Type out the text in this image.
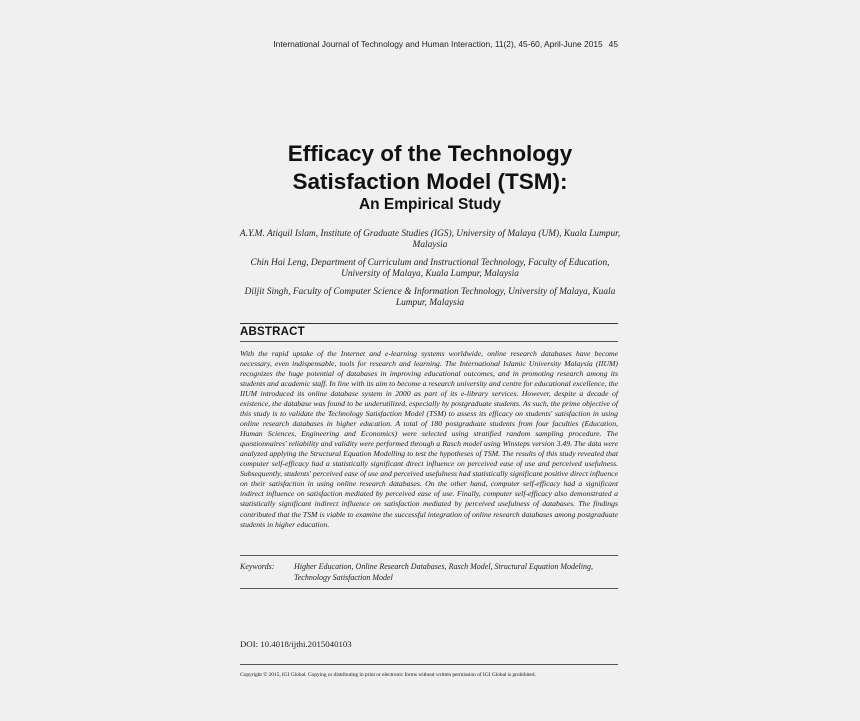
International Journal of Technology and Human Interaction, 11(2), 45-60, April-June 2015 45
Efficacy of the Technology
Satisfaction Model (TSM):
An Empirical Study

A.Y.M. Atiquil Islam, Institute of Graduate Studies (IGS), University of Malaya (UM), Kuala Lumpur, Malaysia

Chin Hai Leng, Department of Curriculum and Instructional Technology, Faculty of Education, University of Malaya, Kuala Lumpur, Malaysia

Diljit Singh, Faculty of Computer Science & Information Technology, University of Malaya, Kuala Lumpur, Malaysia

ABSTRACT

With the rapid uptake of the Internet and e-learning systems worldwide, online research databases have become necessary, even indispensable, tools for research and learning. The International Islamic University Malaysia (IIUM) recognizes the huge potential of databases in improving educational outcomes, and in promoting research among its students and academic staff. In line with its aim to become a research university and centre for educational excellence, the IIUM introduced its online database system in 2000 as part of its e-library services. However, despite a decade of existence, the database was found to be underutilized, especially by postgraduate students. As such, the prime objective of this study is to validate the Technology Satisfaction Model (TSM) to assess its efficacy on students' satisfaction in using online research databases in higher education. A total of 180 postgraduate students from four faculties (Education, Human Sciences, Engineering and Economics) were selected using stratified random sampling procedure. The questionnaires' reliability and validity were performed through a Rasch model using Winsteps version 3.49. The data were analyzed applying the Structural Equation Modelling to test the hypotheses of TSM. The results of this study revealed that computer self-efficacy had a statistically significant direct influence on perceived ease of use and perceived usefulness. Subsequently, students' perceived ease of use and perceived usefulness had statistically significant positive direct influence on their satisfaction in using online research databases. On the other hand, computer self-efficacy had a significant indirect influence on satisfaction mediated by perceived ease of use. Finally, computer self-efficacy also demonstrated a statistically significant indirect influence on satisfaction mediated by perceived usefulness of databases. The findings contributed that the TSM is viable to examine the successful integration of online research databases among postgraduate students in higher education.

Keywords: Higher Education, Online Research Databases, Rasch Model, Structural Equation Modeling, Technology Satisfaction Model

DOI: 10.4018/ijthi.2015040103
Copyright © 2015, IGI Global. Copying or distributing in print or electronic forms without written permission of IGI Global is prohibited.
